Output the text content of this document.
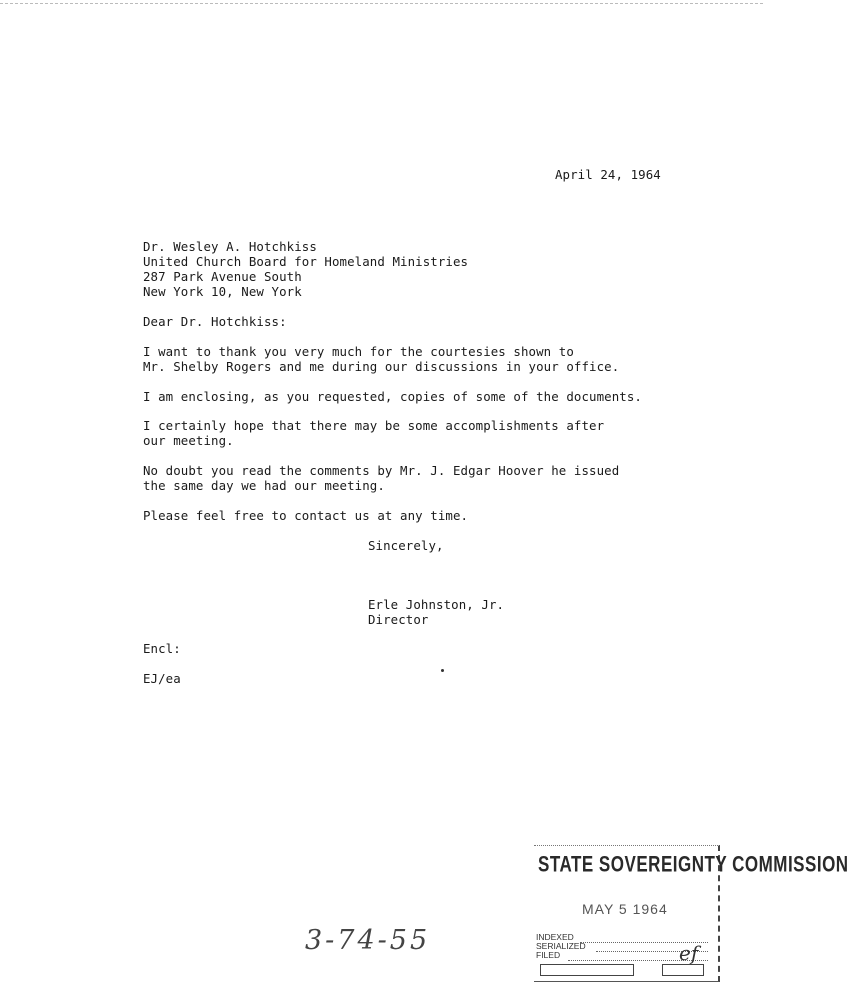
April 24, 1964
Dr. Wesley A. Hotchkiss
United Church Board for Homeland Ministries
287 Park Avenue South
New York 10, New York
Dear Dr. Hotchkiss:
I want to thank you very much for the courtesies shown to
Mr. Shelby Rogers and me during our discussions in your office.
I am enclosing, as you requested, copies of some of the documents.
I certainly hope that there may be some accomplishments after
our meeting.
No doubt you read the comments by Mr. J. Edgar Hoover he issued
the same day we had our meeting.
Please feel free to contact us at any time.
Sincerely,
Erle Johnston, Jr.
Director
Encl:
EJ/ea
3-74-55
STATE SOVEREIGNTY COMMISSION
MAY 5 1964
INDEXED
SERIALIZED
FILED	ef
